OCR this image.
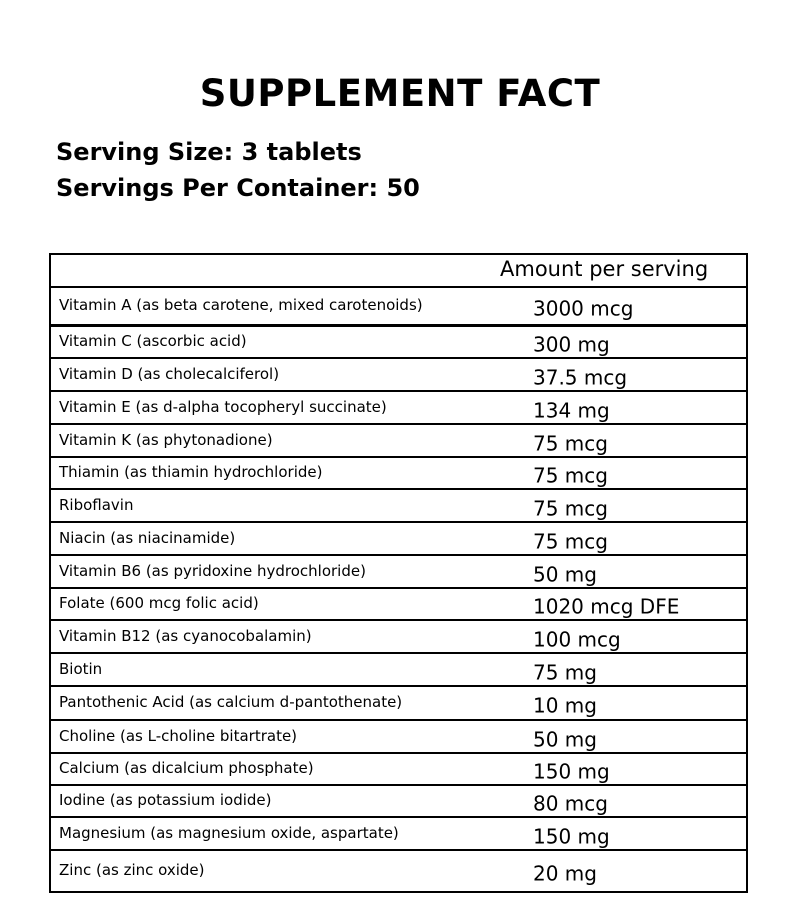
SUPPLEMENT FACT
Serving Size: 3 tablets
Servings Per Container: 50
Amount per serving
Vitamin A (as beta carotene, mixed carotenoids)	3000 mcg
Vitamin C (ascorbic acid)	300 mg
Vitamin D (as cholecalciferol)	37.5 mcg
Vitamin E (as d-alpha tocopheryl succinate)	134 mg
Vitamin K (as phytonadione)	75 mcg
Thiamin (as thiamin hydrochloride)	75 mcg
Riboflavin	75 mcg
Niacin (as niacinamide)	75 mcg
Vitamin B6 (as pyridoxine hydrochloride)	50 mg
Folate (600 mcg folic acid)	1020 mcg DFE
Vitamin B12 (as cyanocobalamin)	100 mcg
Biotin	75 mg
Pantothenic Acid (as calcium d-pantothenate)	10 mg
Choline (as L-choline bitartrate)	50 mg
Calcium (as dicalcium phosphate)	150 mg
Iodine (as potassium iodide)	80 mcg
Magnesium (as magnesium oxide, aspartate)	150 mg
Zinc (as zinc oxide)	20 mg
